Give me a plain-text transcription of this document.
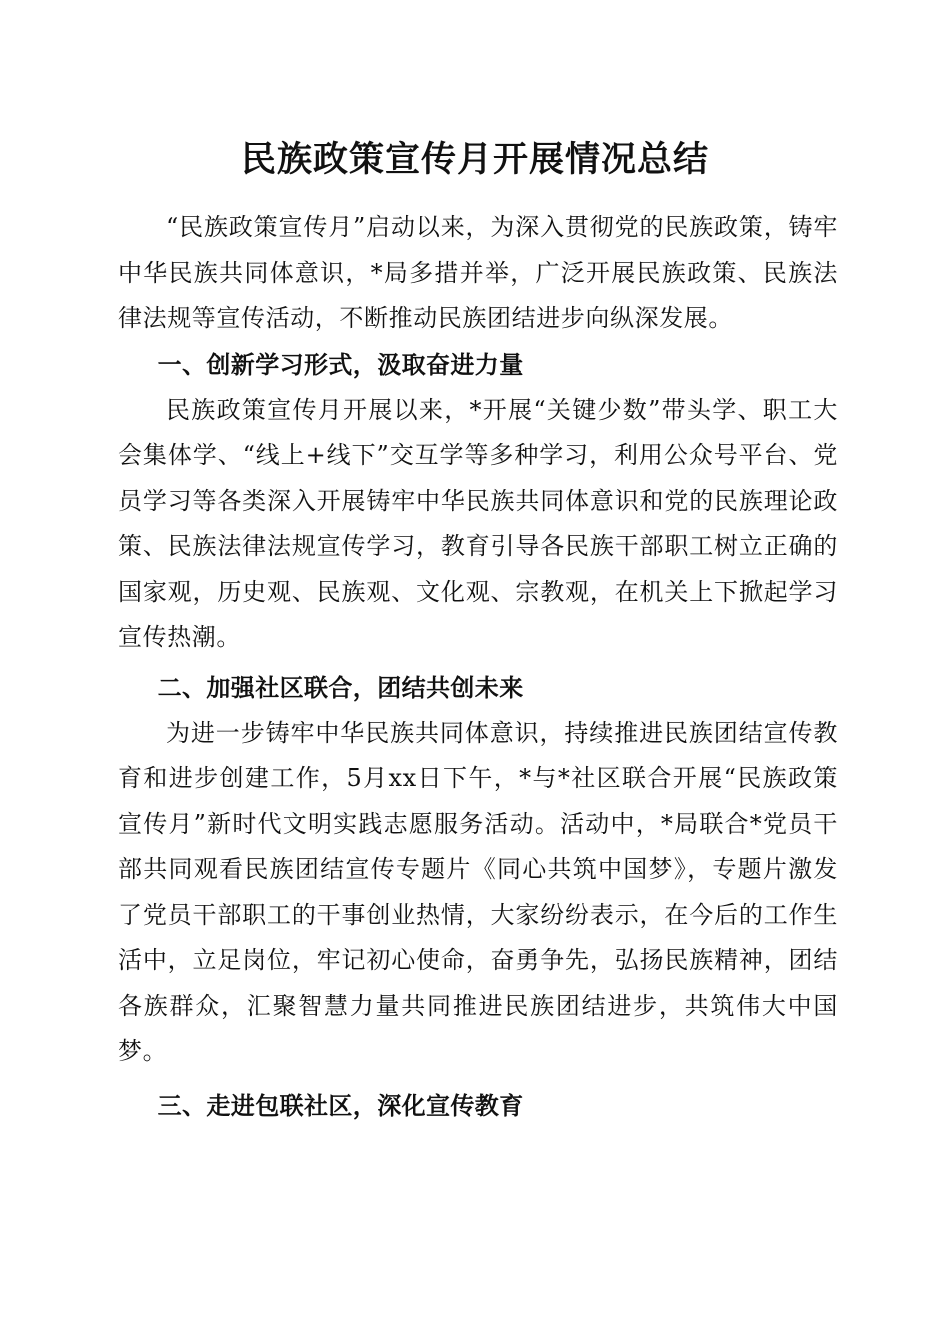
民族政策宣传月开展情况总结

“民族政策宣传月”启动以来，为深入贯彻党的民族政策，铸牢中华民族共同体意识，*局多措并举，广泛开展民族政策、民族法律法规等宣传活动，不断推动民族团结进步向纵深发展。

一、创新学习形式，汲取奋进力量

民族政策宣传月开展以来，*开展“关键少数”带头学、职工大会集体学、“线上+线下”交互学等多种学习，利用公众号平台、党员学习等各类深入开展铸牢中华民族共同体意识和党的民族理论政策、民族法律法规宣传学习，教育引导各民族干部职工树立正确的国家观，历史观、民族观、文化观、宗教观，在机关上下掀起学习宣传热潮。

二、加强社区联合，团结共创未来

为进一步铸牢中华民族共同体意识，持续推进民族团结宣传教育和进步创建工作，5月xx日下午，*与*社区联合开展“民族政策宣传月”新时代文明实践志愿服务活动。活动中，*局联合*党员干部共同观看民族团结宣传专题片《同心共筑中国梦》，专题片激发了党员干部职工的干事创业热情，大家纷纷表示，在今后的工作生活中，立足岗位，牢记初心使命，奋勇争先，弘扬民族精神，团结各族群众，汇聚智慧力量共同推进民族团结进步，共筑伟大中国梦。

三、走进包联社区，深化宣传教育
